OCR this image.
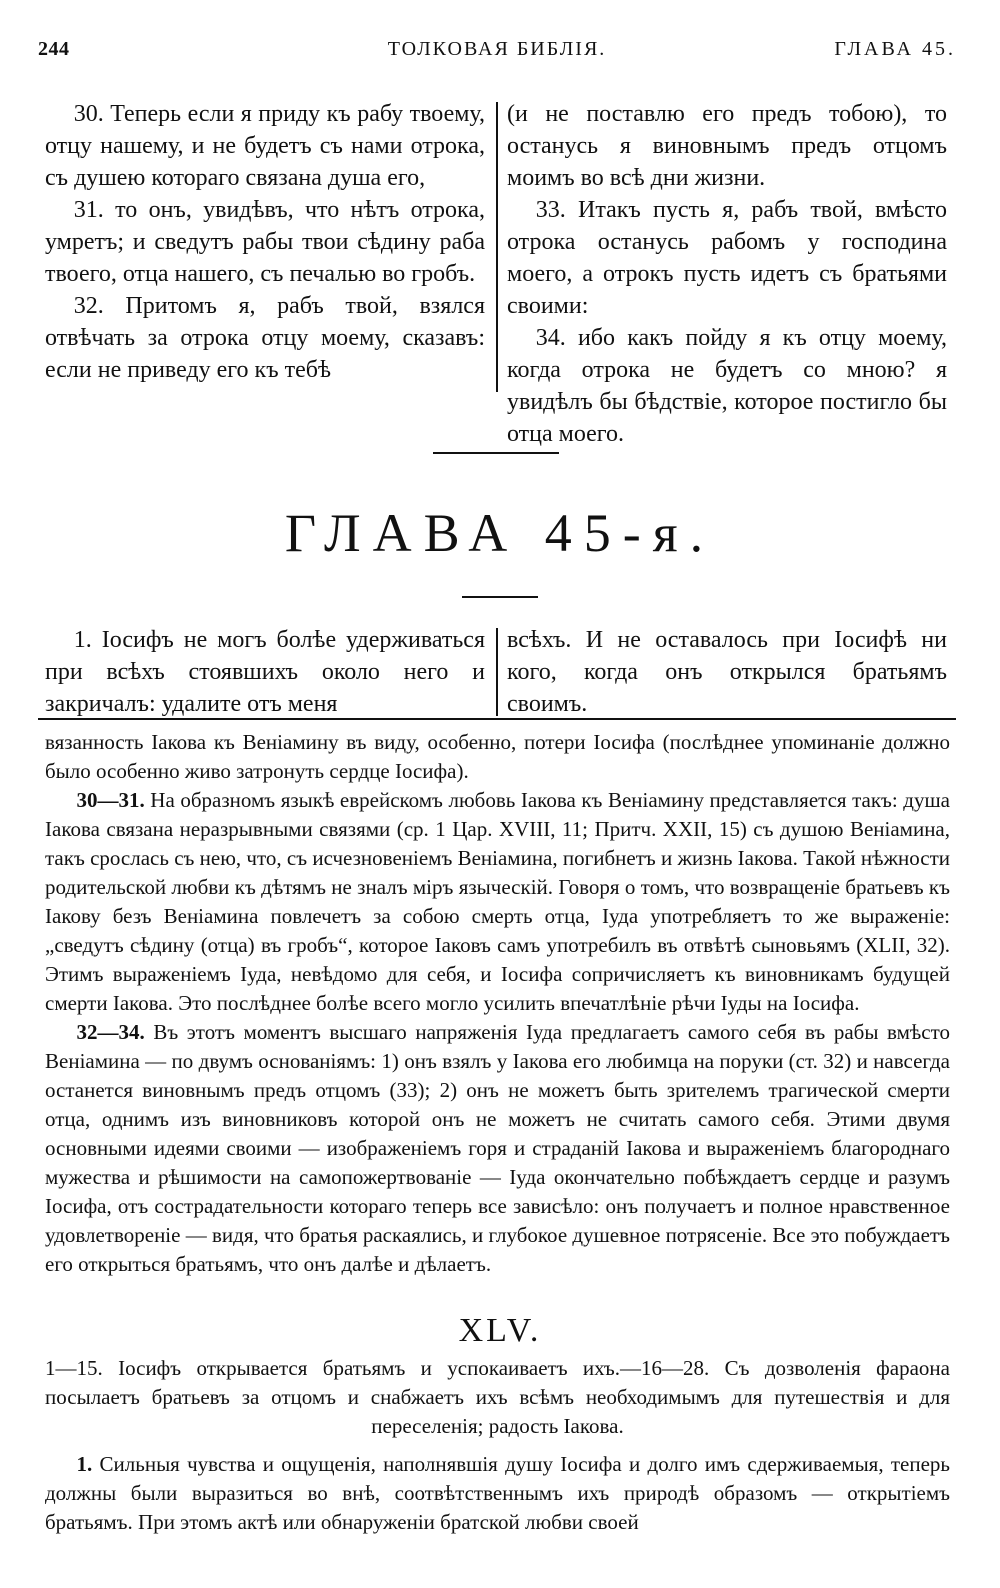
244	ТОЛКОВАЯ БИБЛІЯ.	ГЛАВА 45.

30. Теперь если я приду къ рабу твоему, отцу нашему, и не будетъ съ нами отрока, съ душею котораго связана душа его,

31. то онъ, увидѣвъ, что нѣтъ отрока, умретъ; и сведутъ рабы твои сѣдину раба твоего, отца нашего, съ печалью во гробъ.

32. Притомъ я, рабъ твой, взялся отвѣчать за отрока отцу моему, сказавъ: если не приведу его къ тебѣ

(и не поставлю его предъ тобою), то останусь я виновнымъ предъ отцомъ моимъ во всѣ дни жизни.

33. Итакъ пусть я, рабъ твой, вмѣсто отрока останусь рабомъ у господина моего, а отрокъ пусть идетъ съ братьями своими:

34. ибо какъ пойду я къ отцу моему, когда отрока не будетъ со мною? я увидѣлъ бы бѣдствіе, которое постигло бы отца моего.

ГЛАВА 45-я.

1. Іосифъ не могъ болѣе удерживаться при всѣхъ стоявшихъ около него и закричалъ: удалите отъ меня

всѣхъ. И не оставалось при Іосифѣ ни кого, когда онъ открылся братьямъ своимъ.

вязанность Іакова къ Веніамину въ виду, особенно, потери Іосифа (послѣднее упоминаніе должно было особенно живо затронуть сердце Іосифа).

30—31. На образномъ языкѣ еврейскомъ любовь Іакова къ Веніамину представляется такъ: душа Іакова связана неразрывными связями (ср. 1 Цар. XVIII, 11; Притч. XXII, 15) съ душою Веніамина, такъ срослась съ нею, что, съ исчезновеніемъ Веніамина, погибнетъ и жизнь Іакова. Такой нѣжности родительской любви къ дѣтямъ не зналъ міръ языческій. Говоря о томъ, что возвращеніе братьевъ къ Іакову безъ Веніамина повлечетъ за собою смерть отца, Іуда употребляетъ то же выраженіе: „сведутъ сѣдину (отца) въ гробъ“, которое Іаковъ самъ употребилъ въ отвѣтѣ сыновьямъ (XLII, 32). Этимъ выраженіемъ Іуда, невѣдомо для себя, и Іосифа сопричисляетъ къ виновникамъ будущей смерти Іакова. Это послѣднее болѣе всего могло усилить впечатлѣніе рѣчи Іуды на Іосифа.

32—34. Въ этотъ моментъ высшаго напряженія Іуда предлагаетъ самого себя въ рабы вмѣсто Веніамина — по двумъ основаніямъ: 1) онъ взялъ у Іакова его любимца на поруки (ст. 32) и навсегда останется виновнымъ предъ отцомъ (33); 2) онъ не можетъ быть зрителемъ трагической смерти отца, однимъ изъ виновниковъ которой онъ не можетъ не считать самого себя. Этими двумя основными идеями своими — изображеніемъ горя и страданій Іакова и выраженіемъ благороднаго мужества и рѣшимости на самопожертвованіе — Іуда окончательно побѣждаетъ сердце и разумъ Іосифа, отъ сострадательности котораго теперь все зависѣло: онъ получаетъ и полное нравственное удовлетвореніе — видя, что братья раскаялись, и глубокое душевное потрясеніе. Все это побуждаетъ его открыться братьямъ, что онъ далѣе и дѣлаетъ.

XLV.

1—15. Іосифъ открывается братьямъ и успокаиваетъ ихъ.—16—28. Съ дозволенія фараона посылаетъ братьевъ за отцомъ и снабжаетъ ихъ всѣмъ необходимымъ для путешествія и для переселенія; радость Іакова.

1. Сильныя чувства и ощущенія, наполнявшія душу Іосифа и долго имъ сдерживаемыя, теперь должны были выразиться во внѣ, соотвѣтственнымъ ихъ природѣ образомъ — открытіемъ братьямъ. При этомъ актѣ или обнаруженіи братской любви своей
